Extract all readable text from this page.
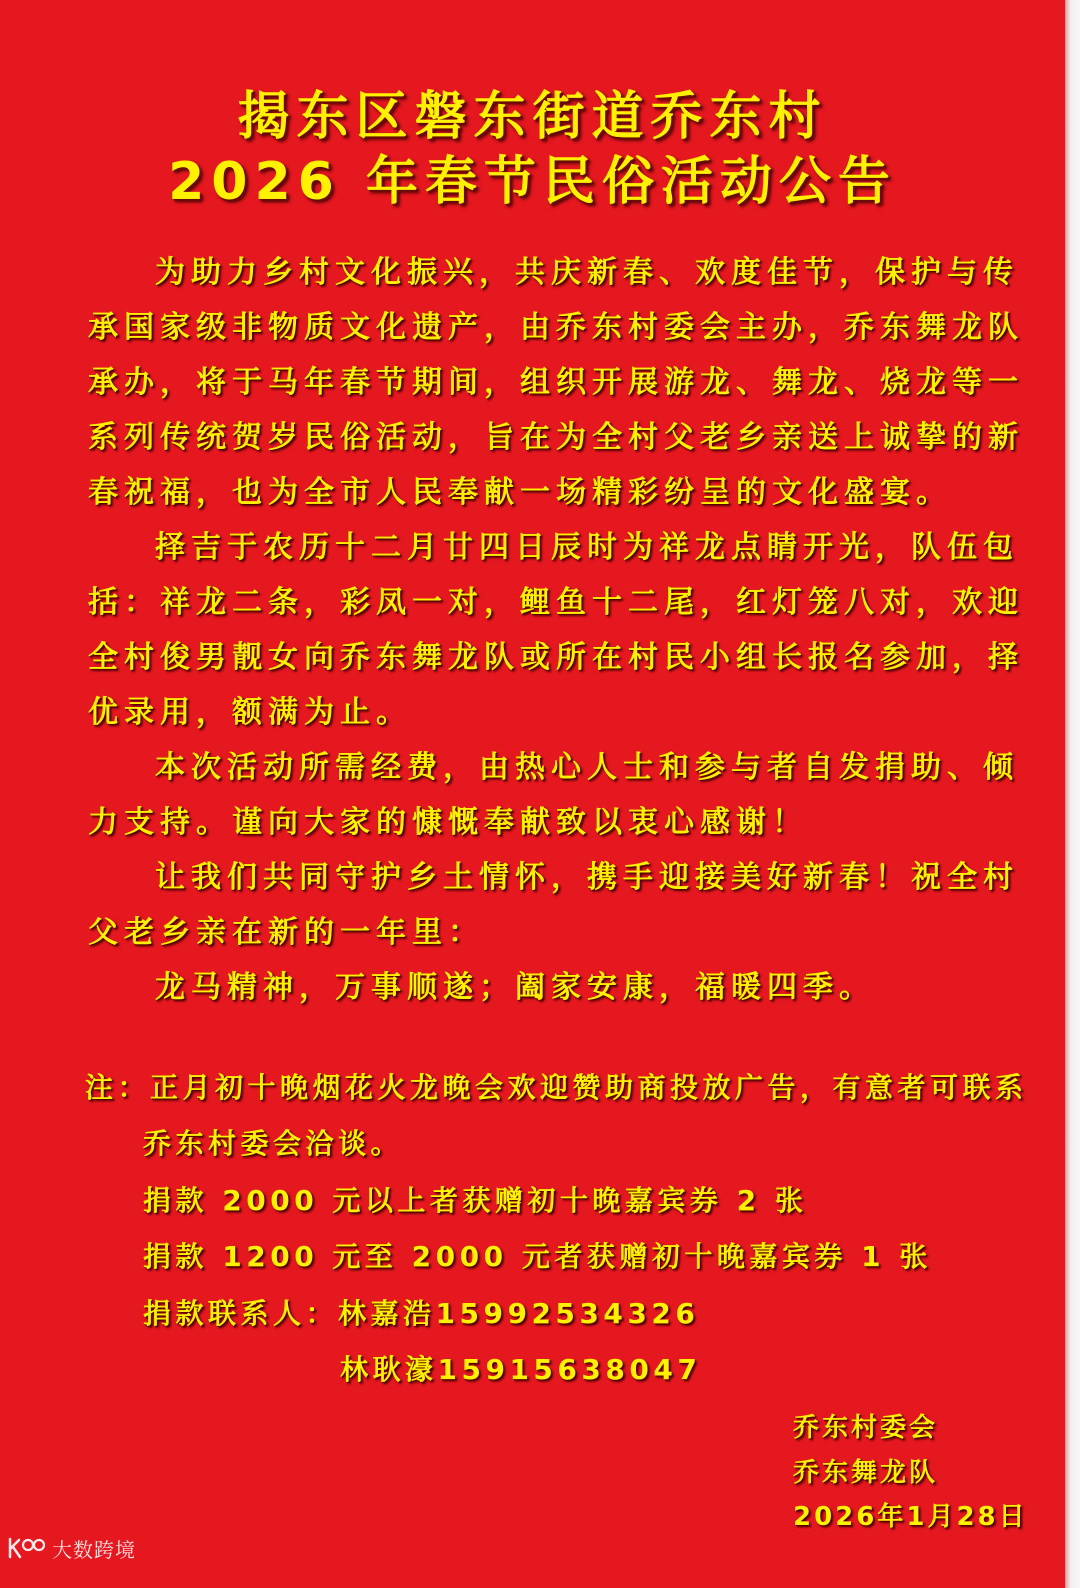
揭东区磐东街道乔东村
2026 年春节民俗活动公告
为助力乡村文化振兴，共庆新春、欢度佳节，保护与传
承国家级非物质文化遗产，由乔东村委会主办，乔东舞龙队
承办，将于马年春节期间，组织开展游龙、舞龙、烧龙等一
系列传统贺岁民俗活动，旨在为全村父老乡亲送上诚挚的新
春祝福，也为全市人民奉献一场精彩纷呈的文化盛宴。
择吉于农历十二月廿四日辰时为祥龙点睛开光，队伍包
括：祥龙二条，彩凤一对，鲤鱼十二尾，红灯笼八对，欢迎
全村俊男靓女向乔东舞龙队或所在村民小组长报名参加，择
优录用，额满为止。
本次活动所需经费，由热心人士和参与者自发捐助、倾
力支持。谨向大家的慷慨奉献致以衷心感谢！
让我们共同守护乡土情怀，携手迎接美好新春！祝全村
父老乡亲在新的一年里：
龙马精神，万事顺遂；阖家安康，福暖四季。
注：正月初十晚烟花火龙晚会欢迎赞助商投放广告，有意者可联系
乔东村委会洽谈。
捐款 2000 元以上者获赠初十晚嘉宾券 2 张
捐款 1200 元至 2000 元者获赠初十晚嘉宾券 1 张
捐款联系人：林嘉浩15992534326
林耿濠15915638047
乔东村委会
乔东舞龙队
2026年1月28日
大数跨境
